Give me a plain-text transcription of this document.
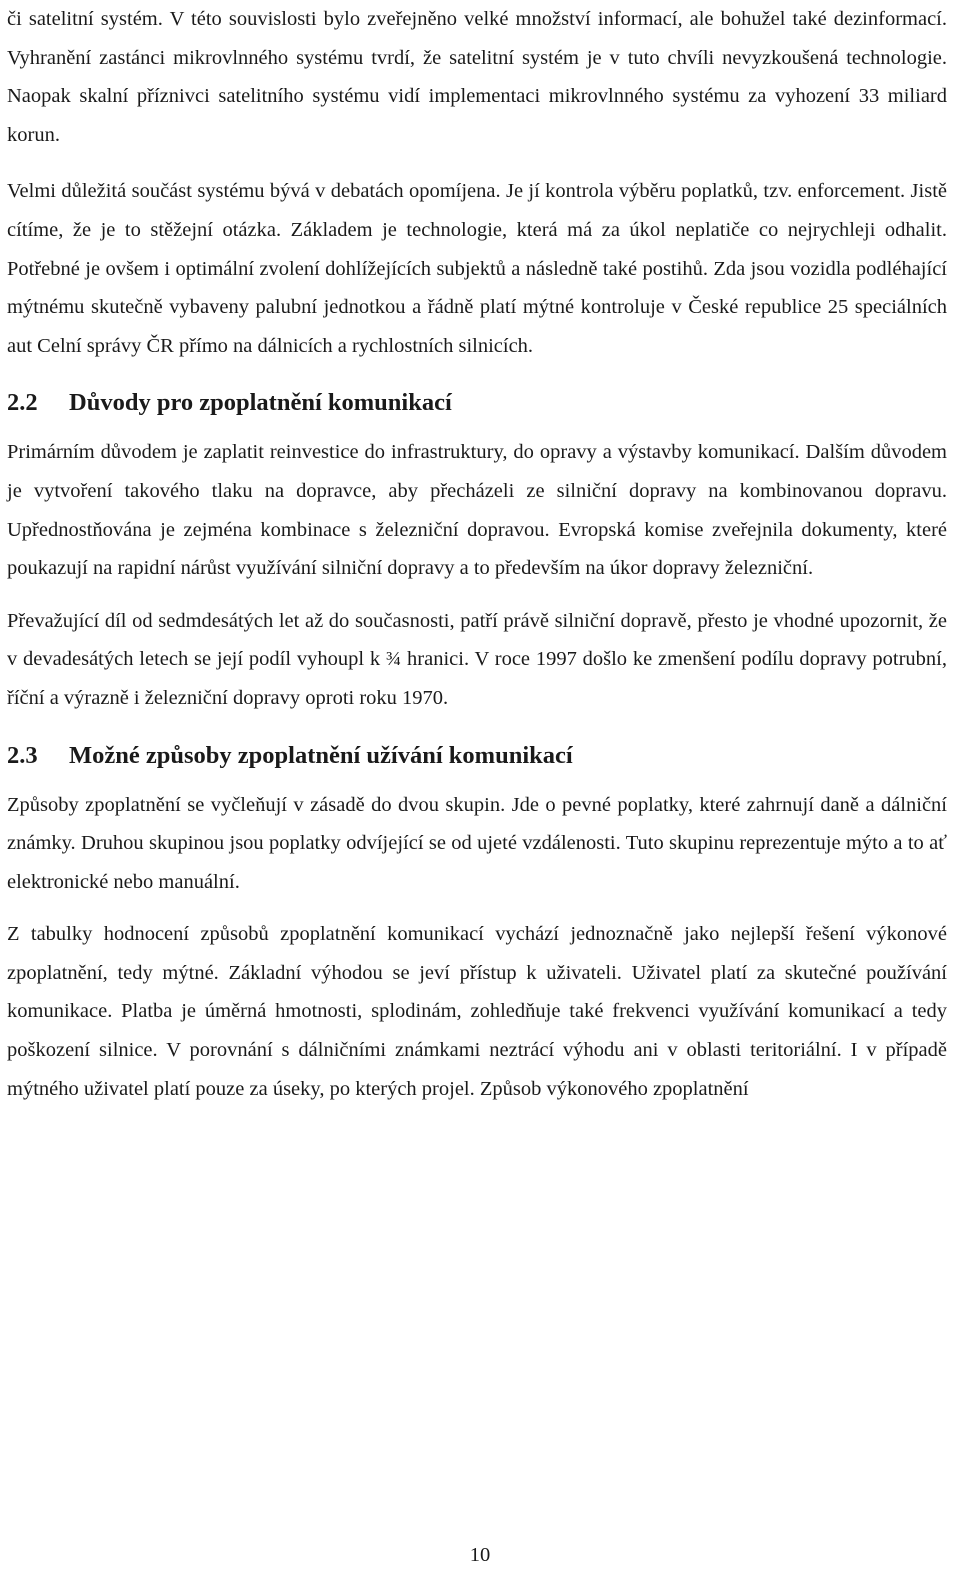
či satelitní systém. V této souvislosti bylo zveřejněno velké množství informací, ale bohužel také dezinformací. Vyhranění zastánci mikrovlnného systému tvrdí, že satelitní systém je v tuto chvíli nevyzkoušená technologie. Naopak skalní příznivci satelitního systému vidí implementaci mikrovlnného systému za vyhození 33 miliard korun.

Velmi důležitá součást systému bývá v debatách opomíjena. Je jí kontrola výběru poplatků, tzv. enforcement. Jistě cítíme, že je to stěžejní otázka. Základem je technologie, která má za úkol neplatiče co nejrychleji odhalit. Potřebné je ovšem i optimální zvolení dohlížejících subjektů a následně také postihů. Zda jsou vozidla podléhající mýtnému skutečně vybaveny palubní jednotkou a řádně platí mýtné kontroluje v České republice 25 speciálních aut Celní správy ČR přímo na dálnicích a rychlostních silnicích.

2.2 Důvody pro zpoplatnění komunikací

Primárním důvodem je zaplatit reinvestice do infrastruktury, do opravy a výstavby komunikací. Dalším důvodem je vytvoření takového tlaku na dopravce, aby přecházeli ze silniční dopravy na kombinovanou dopravu. Upřednostňována je zejména kombinace s železniční dopravou. Evropská komise zveřejnila dokumenty, které poukazují na rapidní nárůst využívání silniční dopravy a to především na úkor dopravy železniční.

Převažující díl od sedmdesátých let až do současnosti, patří právě silniční dopravě, přesto je vhodné upozornit, že v devadesátých letech se její podíl vyhoupl k ¾ hranici. V roce 1997 došlo ke zmenšení podílu dopravy potrubní, říční a výrazně i železniční dopravy oproti roku 1970.

2.3 Možné způsoby zpoplatnění užívání komunikací

Způsoby zpoplatnění se vyčleňují v zásadě do dvou skupin. Jde o pevné poplatky, které zahrnují daně a dálniční známky. Druhou skupinou jsou poplatky odvíjející se od ujeté vzdálenosti. Tuto skupinu reprezentuje mýto a to ať elektronické nebo manuální.

Z tabulky hodnocení způsobů zpoplatnění komunikací vychází jednoznačně jako nejlepší řešení výkonové zpoplatnění, tedy mýtné. Základní výhodou se jeví přístup k uživateli. Uživatel platí za skutečné používání komunikace. Platba je úměrná hmotnosti, splodinám, zohledňuje také frekvenci využívání komunikací a tedy poškození silnice. V porovnání s dálničními známkami neztrácí výhodu ani v oblasti teritoriální. I v případě mýtného uživatel platí pouze za úseky, po kterých projel. Způsob výkonového zpoplatnění

10
